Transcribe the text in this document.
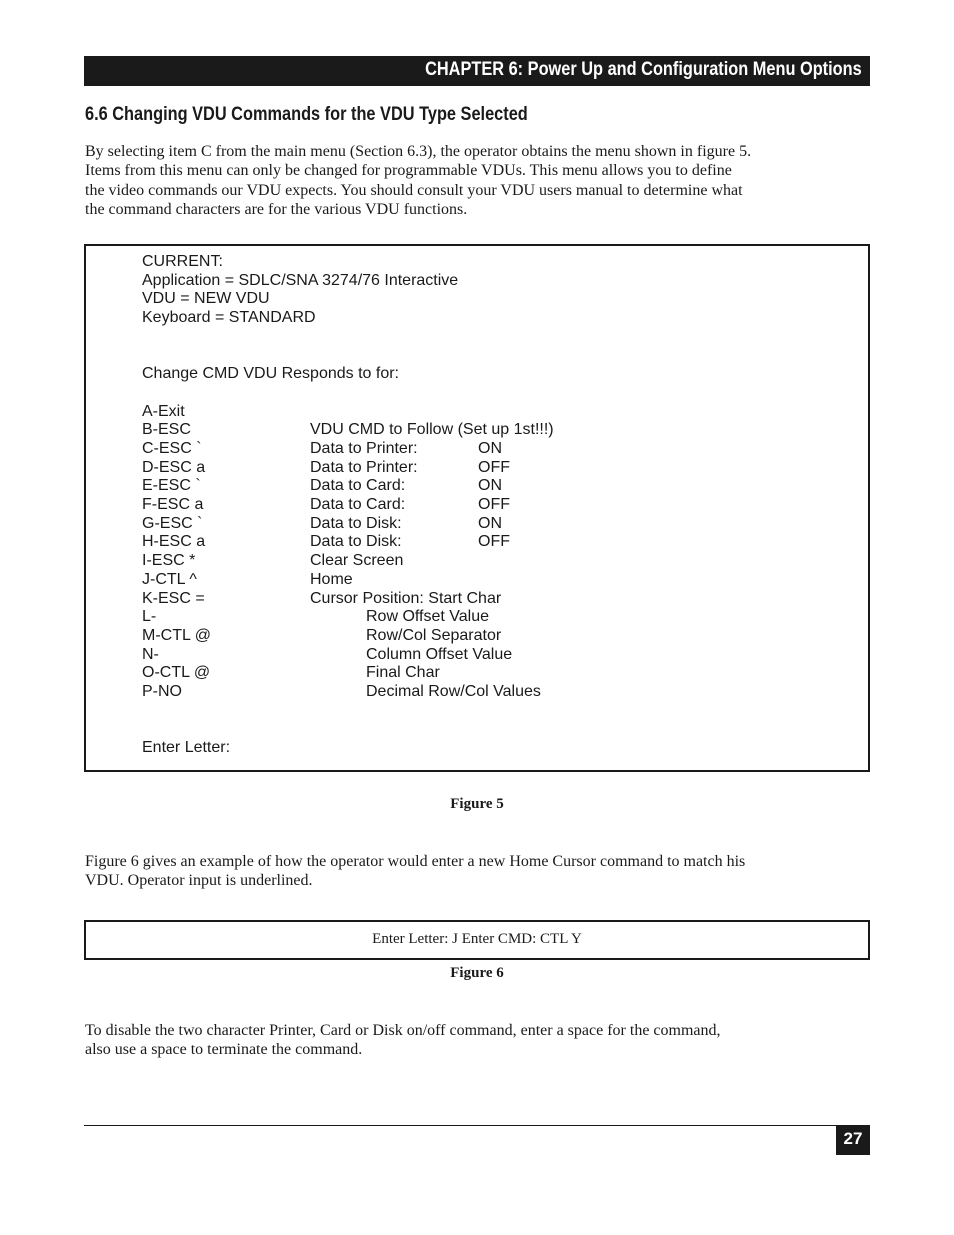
CHAPTER 6: Power Up and Configuration Menu Options
6.6 Changing VDU Commands for the VDU Type Selected

By selecting item C from the main menu (Section 6.3), the operator obtains the menu shown in figure 5.
Items from this menu can only be changed for programmable VDUs. This menu allows you to define
the video commands our VDU expects. You should consult your VDU users manual to determine what
the command characters are for the various VDU functions.

CURRENT:
Application = SDLC/SNA 3274/76 Interactive
VDU = NEW VDU
Keyboard = STANDARD
Change CMD VDU Responds to for:
A-Exit
B-ESC	VDU CMD to Follow (Set up 1st!!!)
C-ESC `	Data to Printer:	ON
D-ESC a	Data to Printer:	OFF
E-ESC `	Data to Card:	ON
F-ESC a	Data to Card:	OFF
G-ESC `	Data to Disk:	ON
H-ESC a	Data to Disk:	OFF
I-ESC *	Clear Screen
J-CTL ^	Home
K-ESC =	Cursor Position: Start Char
L-	Row Offset Value
M-CTL @	Row/Col Separator
N-	Column Offset Value
O-CTL @	Final Char
P-NO	Decimal Row/Col Values
Enter Letter:
Figure 5

Figure 6 gives an example of how the operator would enter a new Home Cursor command to match his
VDU. Operator input is underlined.

Enter Letter: J Enter CMD: CTL Y
Figure 6

To disable the two character Printer, Card or Disk on/off command, enter a space for the command,
also use a space to terminate the command.

27
